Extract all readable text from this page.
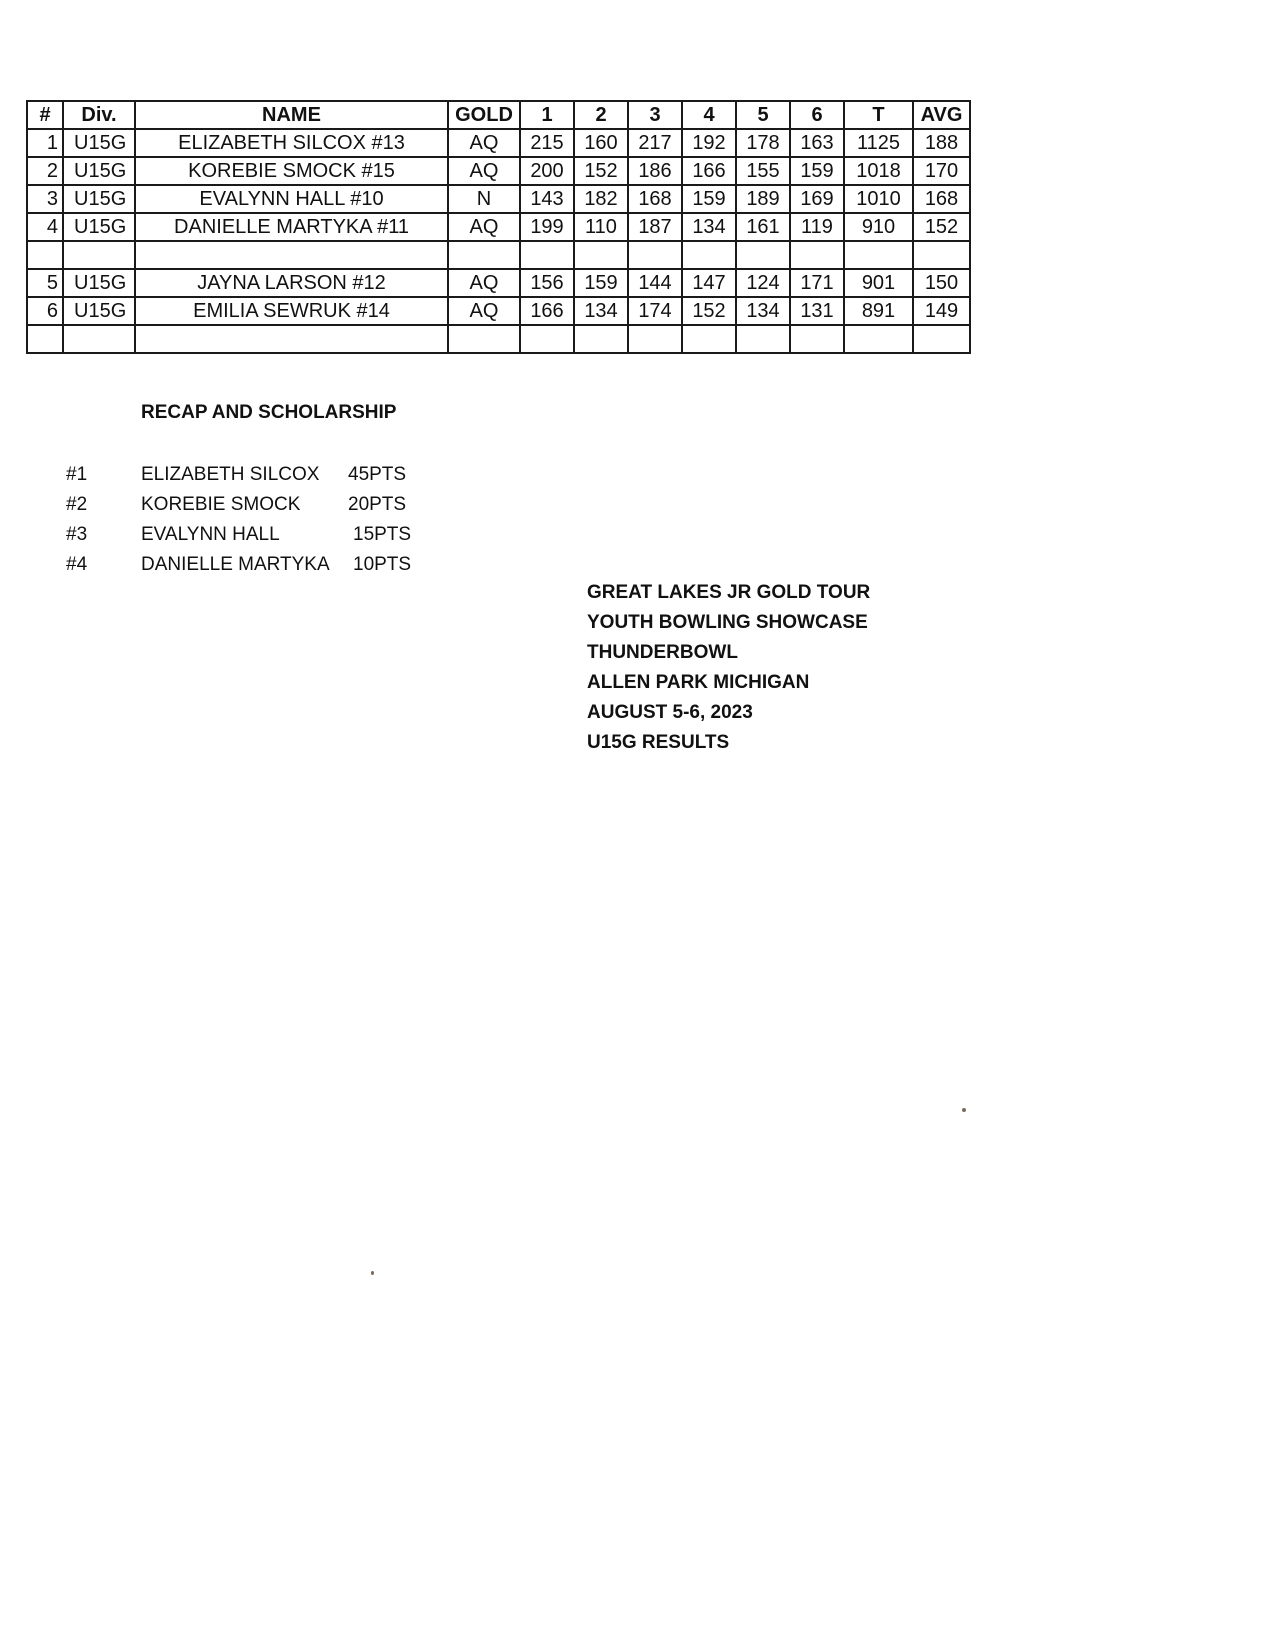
#	Div.	NAME	GOLD	1	2	3	4	5	6	T	AVG
1	U15G	ELIZABETH SILCOX #13	AQ	215	160	217	192	178	163	1125	188
2	U15G	KOREBIE SMOCK #15	AQ	200	152	186	166	155	159	1018	170
3	U15G	EVALYNN HALL #10	N	143	182	168	159	189	169	1010	168
4	U15G	DANIELLE MARTYKA #11	AQ	199	110	187	134	161	119	910	152

5	U15G	JAYNA LARSON #12	AQ	156	159	144	147	124	171	901	150
6	U15G	EMILIA SEWRUK #14	AQ	166	134	174	152	134	131	891	149

RECAP AND SCHOLARSHIP
#1	ELIZABETH SILCOX 45PTS
#2	KOREBIE SMOCK	20PTS
#3	EVALYNN HALL	15PTS
#4	DANIELLE MARTYKA 10PTS
GREAT LAKES JR GOLD TOUR
YOUTH BOWLING SHOWCASE
THUNDERBOWL
ALLEN PARK MICHIGAN
AUGUST 5-6, 2023
U15G RESULTS
